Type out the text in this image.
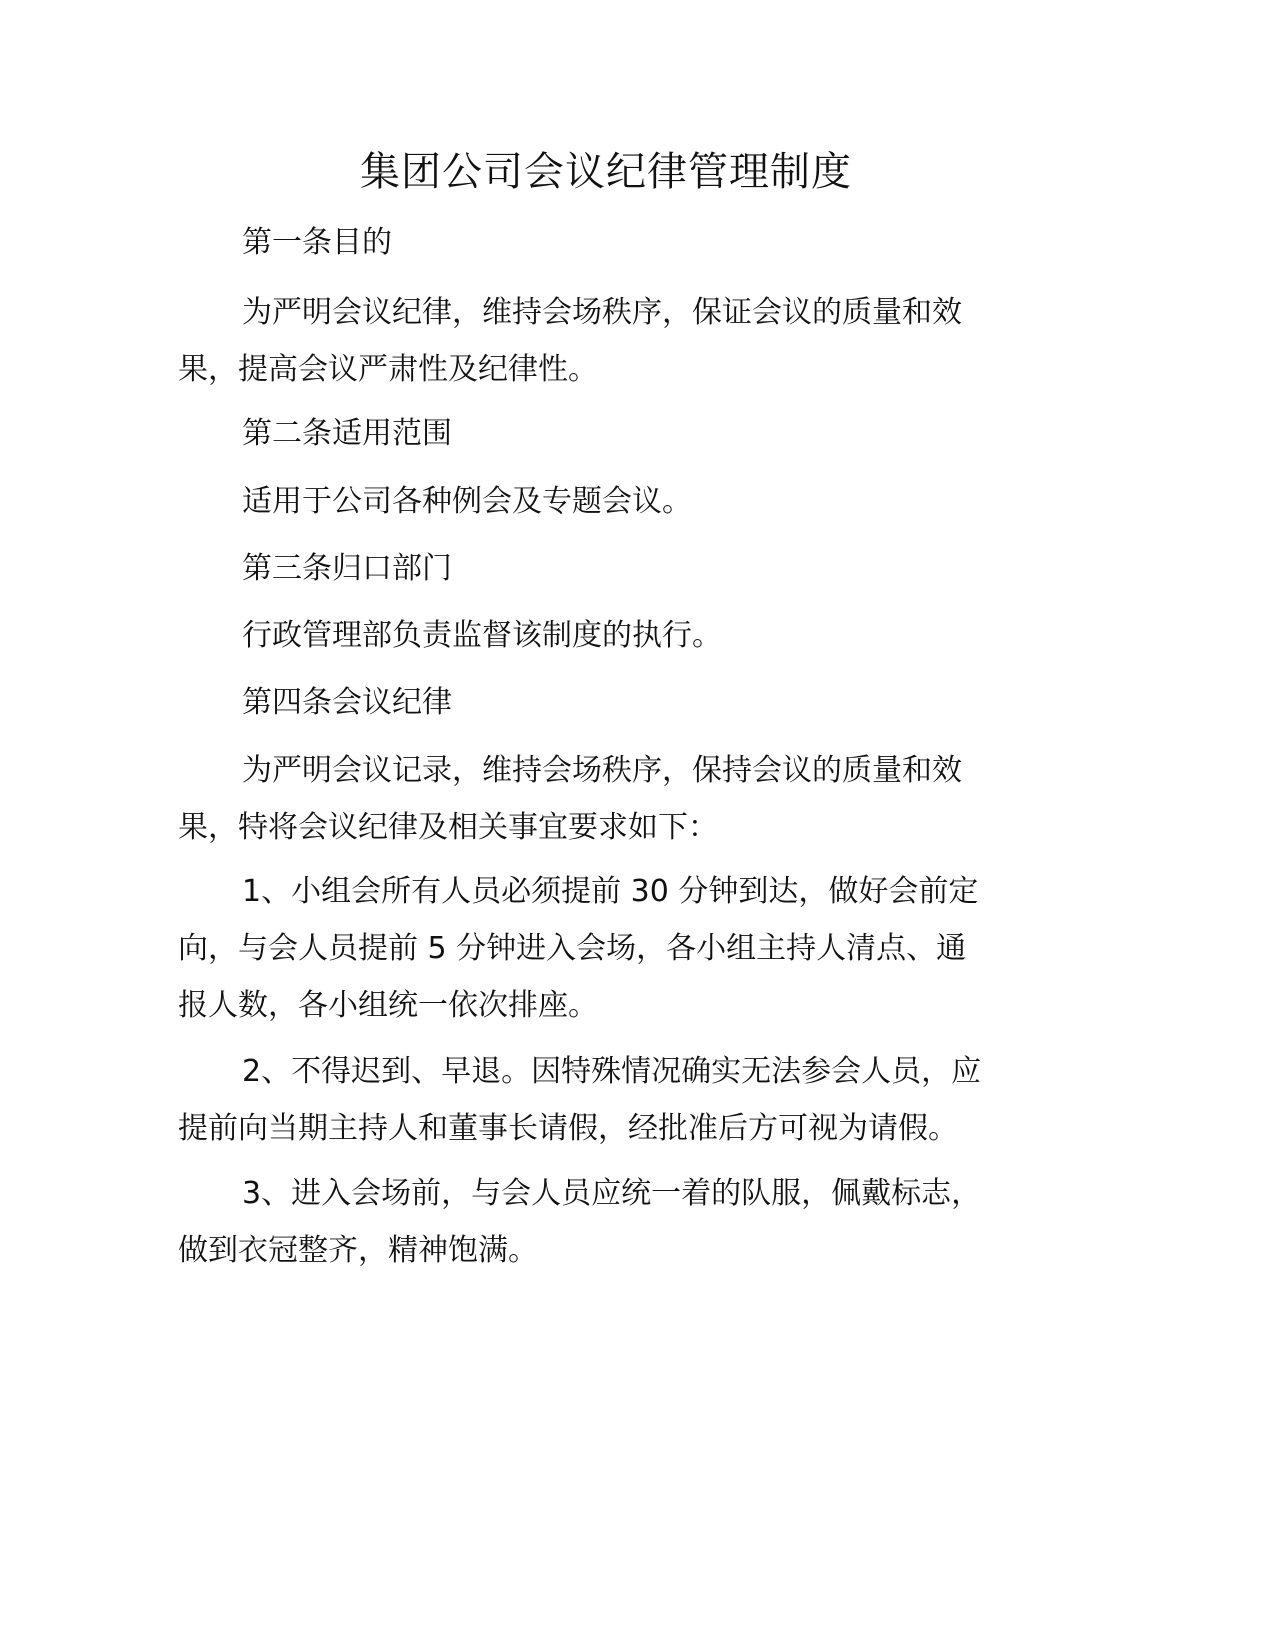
集团公司会议纪律管理制度
第一条目的
为严明会议纪律，维持会场秩序，保证会议的质量和效
果，提高会议严肃性及纪律性。
第二条适用范围
适用于公司各种例会及专题会议。
第三条归口部门
行政管理部负责监督该制度的执行。
第四条会议纪律
为严明会议记录，维持会场秩序，保持会议的质量和效
果，特将会议纪律及相关事宜要求如下：
1、小组会所有人员必须提前 30 分钟到达，做好会前定
向，与会人员提前 5 分钟进入会场，各小组主持人清点、通
报人数，各小组统一依次排座。
2、不得迟到、早退。因特殊情况确实无法参会人员，应
提前向当期主持人和董事长请假，经批准后方可视为请假。
3、进入会场前，与会人员应统一着的队服，佩戴标志，
做到衣冠整齐，精神饱满。
